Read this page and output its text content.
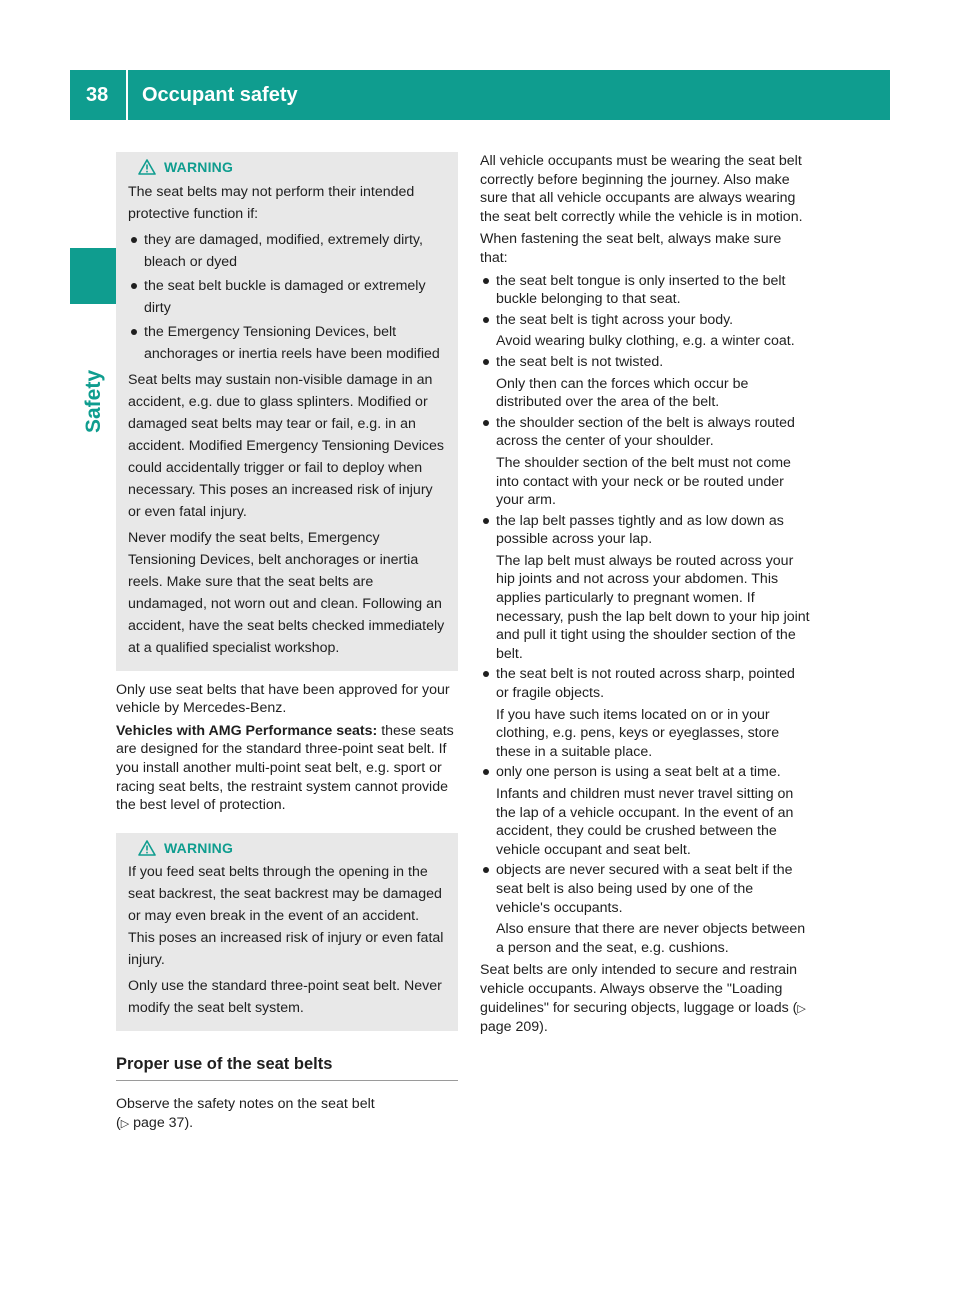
38	Occupant safety
Safety
WARNING

The seat belts may not perform their intended protective function if:

they are damaged, modified, extremely dirty, bleach or dyed
the seat belt buckle is damaged or extremely dirty
the Emergency Tensioning Devices, belt anchorages or inertia reels have been modified

Seat belts may sustain non-visible damage in an accident, e.g. due to glass splinters. Modified or damaged seat belts may tear or fail, e.g. in an accident. Modified Emergency Tensioning Devices could accidentally trigger or fail to deploy when necessary. This poses an increased risk of injury or even fatal injury.

Never modify the seat belts, Emergency Tensioning Devices, belt anchorages or inertia reels. Make sure that the seat belts are undamaged, not worn out and clean. Following an accident, have the seat belts checked immediately at a qualified specialist workshop.

Only use seat belts that have been approved for your vehicle by Mercedes-Benz.

Vehicles with AMG Performance seats: these seats are designed for the standard three-point seat belt. If you install another multi-point seat belt, e.g. sport or racing seat belts, the restraint system cannot provide the best level of protection.

WARNING

If you feed seat belts through the opening in the seat backrest, the seat backrest may be damaged or may even break in the event of an accident. This poses an increased risk of injury or even fatal injury.

Only use the standard three-point seat belt. Never modify the seat belt system.

Proper use of the seat belts

Observe the safety notes on the seat belt
(▷ page 37).

All vehicle occupants must be wearing the seat belt correctly before beginning the journey. Also make sure that all vehicle occupants are always wearing the seat belt correctly while the vehicle is in motion.

When fastening the seat belt, always make sure that:

the seat belt tongue is only inserted to the belt buckle belonging to that seat.
the seat belt is tight across your body.

Avoid wearing bulky clothing, e.g. a winter coat.

the seat belt is not twisted.

Only then can the forces which occur be distributed over the area of the belt.

the shoulder section of the belt is always routed across the center of your shoulder.

The shoulder section of the belt must not come into contact with your neck or be routed under your arm.

the lap belt passes tightly and as low down as possible across your lap.

The lap belt must always be routed across your hip joints and not across your abdomen. This applies particularly to pregnant women. If necessary, push the lap belt down to your hip joint and pull it tight using the shoulder section of the belt.

the seat belt is not routed across sharp, pointed or fragile objects.

If you have such items located on or in your clothing, e.g. pens, keys or eyeglasses, store these in a suitable place.

only one person is using a seat belt at a time.

Infants and children must never travel sitting on the lap of a vehicle occupant. In the event of an accident, they could be crushed between the vehicle occupant and seat belt.

objects are never secured with a seat belt if the seat belt is also being used by one of the vehicle's occupants.

Also ensure that there are never objects between a person and the seat, e.g. cushions.

Seat belts are only intended to secure and restrain vehicle occupants. Always observe the "Loading guidelines" for securing objects, luggage or loads (▷ page 209).
